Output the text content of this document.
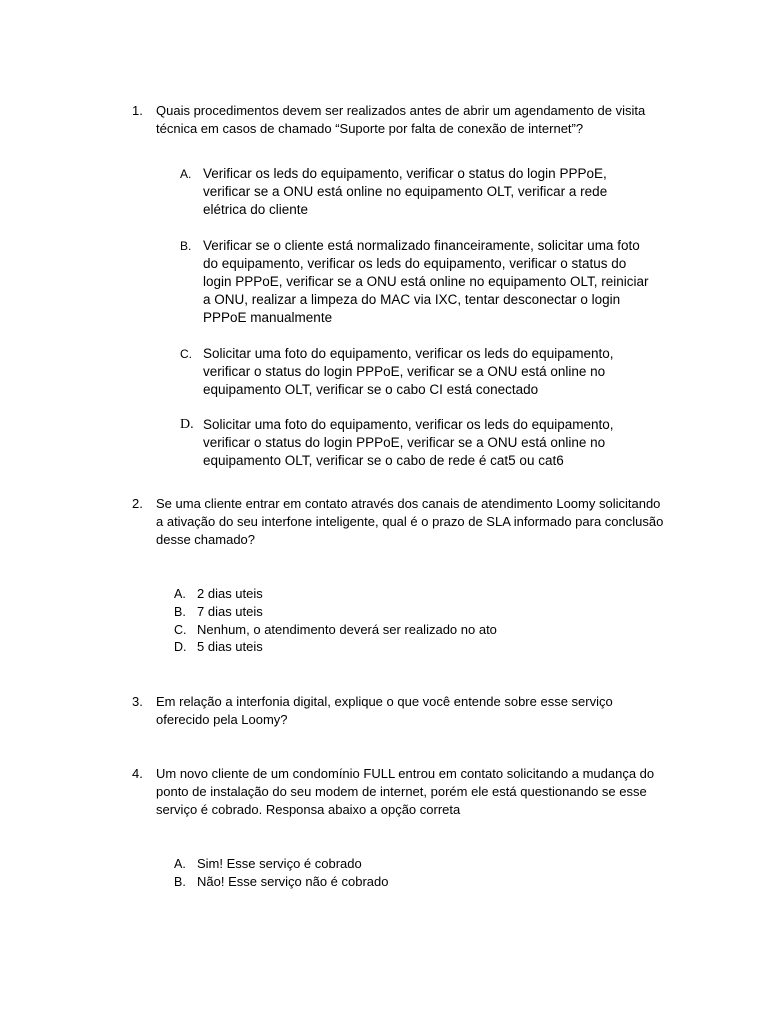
1. Quais procedimentos devem ser realizados antes de abrir um agendamento de visita técnica em casos de chamado “Suporte por falta de conexão de internet”?
A. Verificar os leds do equipamento, verificar o status do login PPPoE, verificar se a ONU está online no equipamento OLT, verificar a rede elétrica do cliente
B. Verificar se o cliente está normalizado financeiramente, solicitar uma foto do equipamento, verificar os leds do equipamento, verificar o status do login PPPoE, verificar se a ONU está online no equipamento OLT, reiniciar a ONU, realizar a limpeza do MAC via IXC, tentar desconectar o login PPPoE manualmente
C. Solicitar uma foto do equipamento, verificar os leds do equipamento, verificar o status do login PPPoE, verificar se a ONU está online no equipamento OLT, verificar se o cabo CI está conectado
D. Solicitar uma foto do equipamento, verificar os leds do equipamento, verificar o status do login PPPoE, verificar se a ONU está online no equipamento OLT, verificar se o cabo de rede é cat5 ou cat6
2. Se uma cliente entrar em contato através dos canais de atendimento Loomy solicitando a ativação do seu interfone inteligente, qual é o prazo de SLA informado para conclusão desse chamado?
A. 2 dias uteis
B. 7 dias uteis
C. Nenhum, o atendimento deverá ser realizado no ato
D. 5 dias uteis
3. Em relação a interfonia digital, explique o que você entende sobre esse serviço oferecido pela Loomy?
4. Um novo cliente de um condomínio FULL entrou em contato solicitando a mudança do ponto de instalação do seu modem de internet, porém ele está questionando se esse serviço é cobrado. Responsa abaixo a opção correta
A. Sim! Esse serviço é cobrado
B. Não! Esse serviço não é cobrado
